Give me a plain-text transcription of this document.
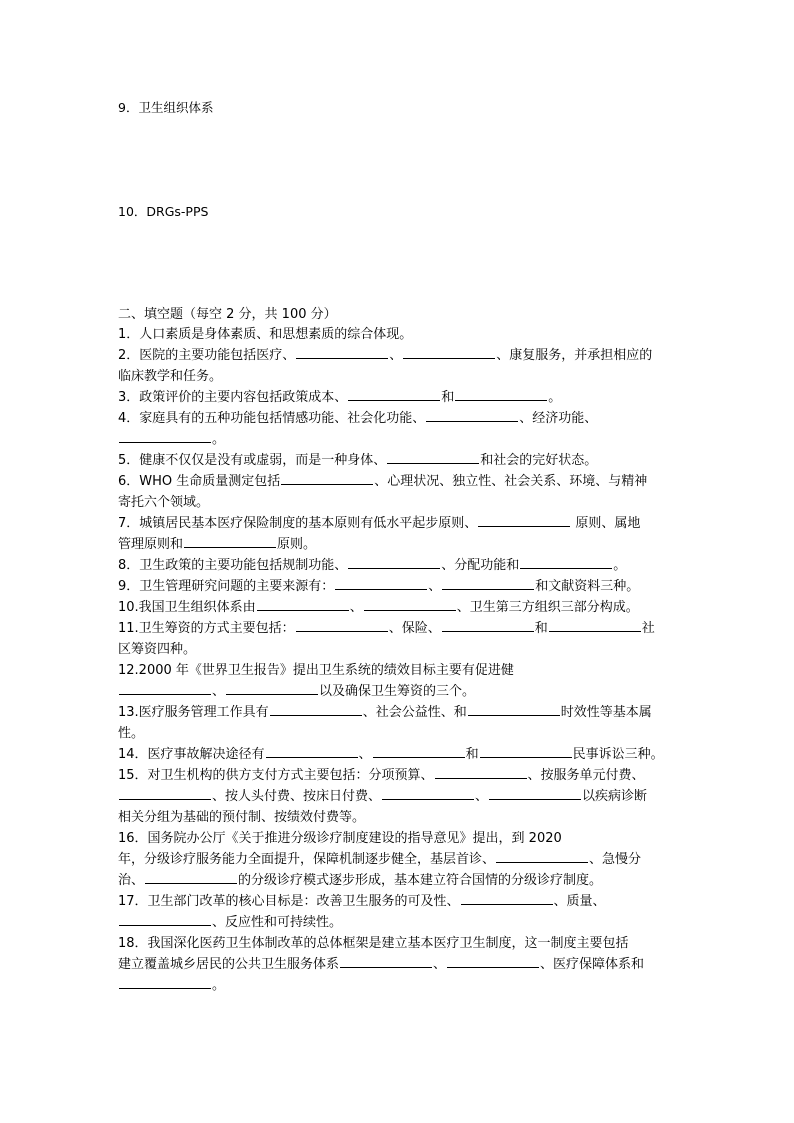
9．卫生组织体系
10．DRGs-PPS
二、填空题（每空 2 分，共 100 分）
1．人口素质是身体素质、和思想素质的综合体现。
2．医院的主要功能包括医疗、	、	、康复服务，并承担相应的
临床教学和任务。
3．政策评价的主要内容包括政策成本、	和	。
4．家庭具有的五种功能包括情感功能、社会化功能、	、经济功能、
。
5．健康不仅仅是没有或虚弱，而是一种身体、	和社会的完好状态。
6．WHO 生命质量测定包括	、心理状况、独立性、社会关系、环境、与精神
寄托六个领域。
7．城镇居民基本医疗保险制度的基本原则有低水平起步原则、	原则、属地
管理原则和	原则。
8．卫生政策的主要功能包括规制功能、	、分配功能和	。
9．卫生管理研究问题的主要来源有：	、	和文献资料三种。
10.我国卫生组织体系由	、	、卫生第三方组织三部分构成。
11.卫生筹资的方式主要包括：	、保险、	和	社
区筹资四种。
12.2000 年《世界卫生报告》提出卫生系统的绩效目标主要有促进健
、	以及确保卫生筹资的三个。
13.医疗服务管理工作具有	、社会公益性、和	时效性等基本属
性。
14．医疗事故解决途径有	、	和	民事诉讼三种。
15．对卫生机构的供方支付方式主要包括：分项预算、	、按服务单元付费、
、按人头付费、按床日付费、	、	以疾病诊断
相关分组为基础的预付制、按绩效付费等。
16．国务院办公厅《关于推进分级诊疗制度建设的指导意见》提出，到 2020
年，分级诊疗服务能力全面提升，保障机制逐步健全，基层首诊、	、急慢分
治、	的分级诊疗模式逐步形成，基本建立符合国情的分级诊疗制度。
17．卫生部门改革的核心目标是：改善卫生服务的可及性、	、质量、
、反应性和可持续性。
18．我国深化医药卫生体制改革的总体框架是建立基本医疗卫生制度，这一制度主要包括
建立覆盖城乡居民的公共卫生服务体系	、	、医疗保障体系和
。
